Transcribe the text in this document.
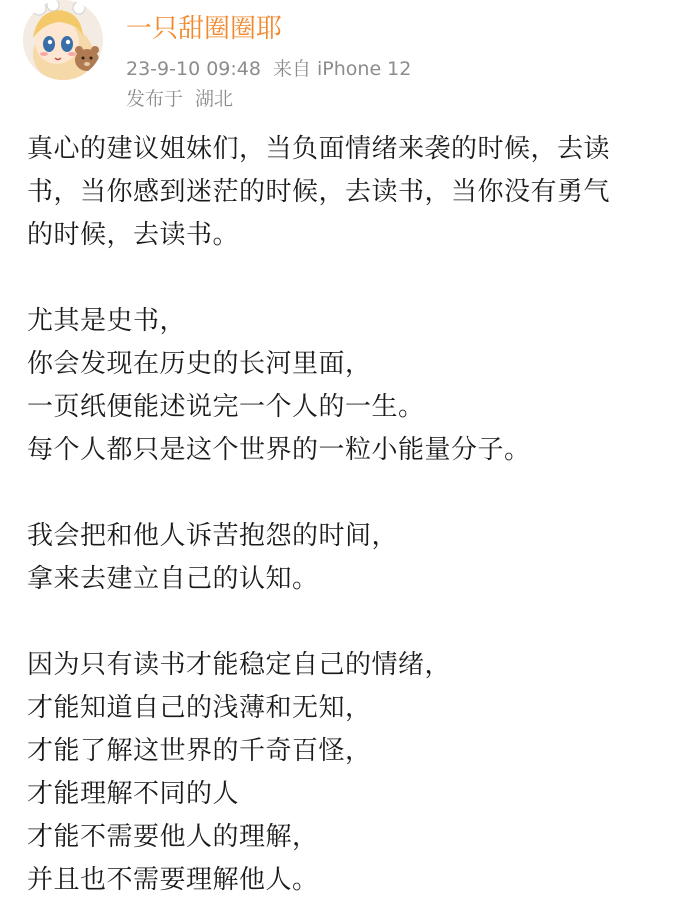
一只甜圈圈耶
23-9-10 09:48 来自 iPhone 12
发布于 湖北

真心的建议姐妹们，当负面情绪来袭的时候，去读
书，当你感到迷茫的时候，去读书，当你没有勇气
的时候，去读书。

尤其是史书，
你会发现在历史的长河里面，
一页纸便能述说完一个人的一生。
每个人都只是这个世界的一粒小能量分子。

我会把和他人诉苦抱怨的时间，
拿来去建立自己的认知。

因为只有读书才能稳定自己的情绪，
才能知道自己的浅薄和无知，
才能了解这世界的千奇百怪，
才能理解不同的人
才能不需要他人的理解，
并且也不需要理解他人。
